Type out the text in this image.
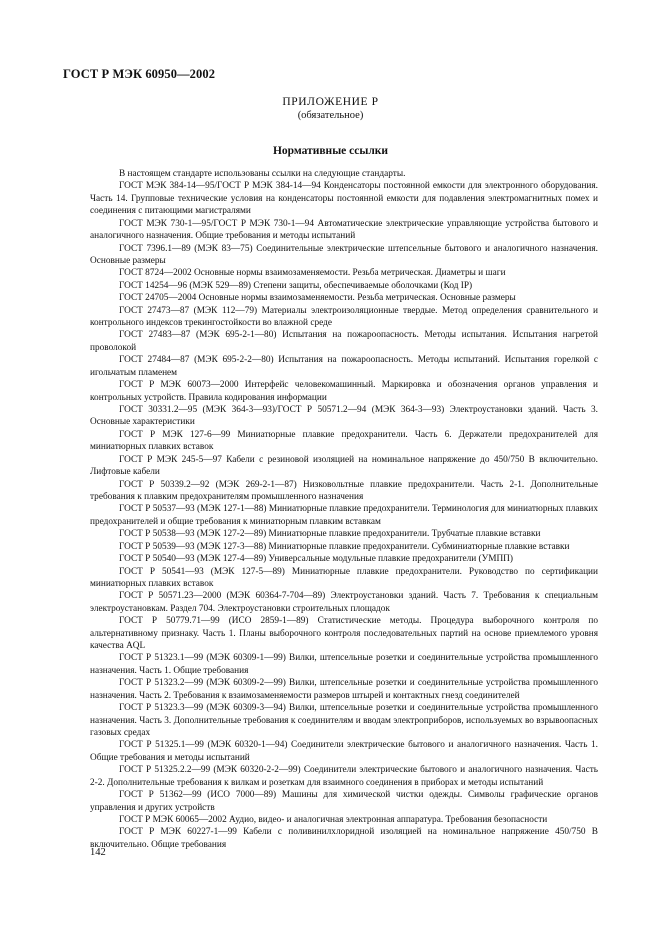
ГОСТ Р МЭК 60950—2002
ПРИЛОЖЕНИЕ Р
(обязательное)
Нормативные ссылки

В настоящем стандарте использованы ссылки на следующие стандарты.

ГОСТ МЭК 384-14—95/ГОСТ Р МЭК 384-14—94 Конденсаторы постоянной емкости для электронного оборудования. Часть 14. Групповые технические условия на конденсаторы постоянной емкости для подавления электромагнитных помех и соединения с питающими магистралями

ГОСТ МЭК 730-1—95/ГОСТ Р МЭК 730-1—94 Автоматические электрические управляющие устройства бытового и аналогичного назначения. Общие требования и методы испытаний

ГОСТ 7396.1—89 (МЭК 83—75) Соединительные электрические штепсельные бытового и аналогичного назначения. Основные размеры

ГОСТ 8724—2002 Основные нормы взаимозаменяемости. Резьба метрическая. Диаметры и шаги

ГОСТ 14254—96 (МЭК 529—89) Степени защиты, обеспечиваемые оболочками (Код IP)

ГОСТ 24705—2004 Основные нормы взаимозаменяемости. Резьба метрическая. Основные размеры

ГОСТ 27473—87 (МЭК 112—79) Материалы электроизоляционные твердые. Метод определения сравнительного и контрольного индексов трекингостойкости во влажной среде

ГОСТ 27483—87 (МЭК 695-2-1—80) Испытания на пожароопасность. Методы испытания. Испытания нагретой проволокой

ГОСТ 27484—87 (МЭК 695-2-2—80) Испытания на пожароопасность. Методы испытаний. Испытания горелкой с игольчатым пламенем

ГОСТ Р МЭК 60073—2000 Интерфейс человекомашинный. Маркировка и обозначения органов управления и контрольных устройств. Правила кодирования информации

ГОСТ 30331.2—95 (МЭК 364-3—93)/ГОСТ Р 50571.2—94 (МЭК 364-3—93) Электроустановки зданий. Часть 3. Основные характеристики

ГОСТ Р МЭК 127-6—99 Миниатюрные плавкие предохранители. Часть 6. Держатели предохранителей для миниатюрных плавких вставок

ГОСТ Р МЭК 245-5—97 Кабели с резиновой изоляцией на номинальное напряжение до 450/750 В включительно. Лифтовые кабели

ГОСТ Р 50339.2—92 (МЭК 269-2-1—87) Низковольтные плавкие предохранители. Часть 2-1. Дополнительные требования к плавким предохранителям промышленного назначения

ГОСТ Р 50537—93 (МЭК 127-1—88) Миниатюрные плавкие предохранители. Терминология для миниатюрных плавких предохранителей и общие требования к миниатюрным плавким вставкам

ГОСТ Р 50538—93 (МЭК 127-2—89) Миниатюрные плавкие предохранители. Трубчатые плавкие вставки

ГОСТ Р 50539—93 (МЭК 127-3—88) Миниатюрные плавкие предохранители. Субминиатюрные плавкие вставки

ГОСТ Р 50540—93 (МЭК 127-4—89) Универсальные модульные плавкие предохранители (УМПП)

ГОСТ Р 50541—93 (МЭК 127-5—89) Миниатюрные плавкие предохранители. Руководство по сертификации миниатюрных плавких вставок

ГОСТ Р 50571.23—2000 (МЭК 60364-7-704—89) Электроустановки зданий. Часть 7. Требования к специальным электроустановкам. Раздел 704. Электроустановки строительных площадок

ГОСТ Р 50779.71—99 (ИСО 2859-1—89) Статистические методы. Процедура выборочного контроля по альтернативному признаку. Часть 1. Планы выборочного контроля последовательных партий на основе приемлемого уровня качества AQL

ГОСТ Р 51323.1—99 (МЭК 60309-1—99) Вилки, штепсельные розетки и соединительные устройства промышленного назначения. Часть 1. Общие требования

ГОСТ Р 51323.2—99 (МЭК 60309-2—99) Вилки, штепсельные розетки и соединительные устройства промышленного назначения. Часть 2. Требования к взаимозаменяемости размеров штырей и контактных гнезд соединителей

ГОСТ Р 51323.3—99 (МЭК 60309-3—94) Вилки, штепсельные розетки и соединительные устройства промышленного назначения. Часть 3. Дополнительные требования к соединителям и вводам электроприборов, используемых во взрывоопасных газовых средах

ГОСТ Р 51325.1—99 (МЭК 60320-1—94) Соединители электрические бытового и аналогичного назначения. Часть 1. Общие требования и методы испытаний

ГОСТ Р 51325.2.2—99 (МЭК 60320-2-2—99) Соединители электрические бытового и аналогичного назначения. Часть 2-2. Дополнительные требования к вилкам и розеткам для взаимного соединения в приборах и методы испытаний

ГОСТ Р 51362—99 (ИСО 7000—89) Машины для химической чистки одежды. Символы графические органов управления и других устройств

ГОСТ Р МЭК 60065—2002 Аудио, видео- и аналогичная электронная аппаратура. Требования безопасности

ГОСТ Р МЭК 60227-1—99 Кабели с поливинилхлоридной изоляцией на номинальное напряжение 450/750 В включительно. Общие требования

142
